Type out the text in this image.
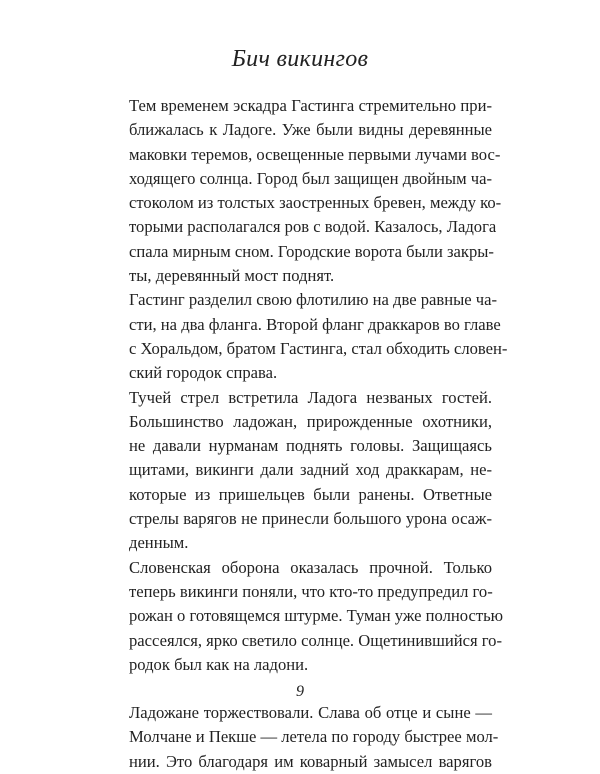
Бич викингов

Тем временем эскадра Гастинга стремительно при-
ближалась к Ладоге. Уже были видны деревянные
маковки теремов, освещенные первыми лучами вос-
ходящего солнца. Город был защищен двойным ча-
стоколом из толстых заостренных бревен, между ко-
торыми располагался ров с водой. Казалось, Ладога
спала мирным сном. Городские ворота были закры-
ты, деревянный мост поднят.

Гастинг разделил свою флотилию на две равные ча-
сти, на два фланга. Второй фланг драккаров во главе
с Хоральдом, братом Гастинга, стал обходить словен-
ский городок справа.

Тучей стрел встретила Ладога незваных гостей.
Большинство ладожан, прирожденные охотники,
не давали нурманам поднять головы. Защищаясь
щитами, викинги дали задний ход драккарам, не-
которые из пришельцев были ранены. Ответные
стрелы варягов не принесли большого урона осаж-
денным.

Словенская оборона оказалась прочной. Только
теперь викинги поняли, что кто-то предупредил го-
рожан о готовящемся штурме. Туман уже полностью
рассеялся, ярко светило солнце. Ощетинившийся го-
родок был как на ладони.

Ладожане торжествовали. Слава об отце и сыне —
Молчане и Пекше — летела по городу быстрее мол-
нии. Это благодаря им коварный замысел варягов

9
